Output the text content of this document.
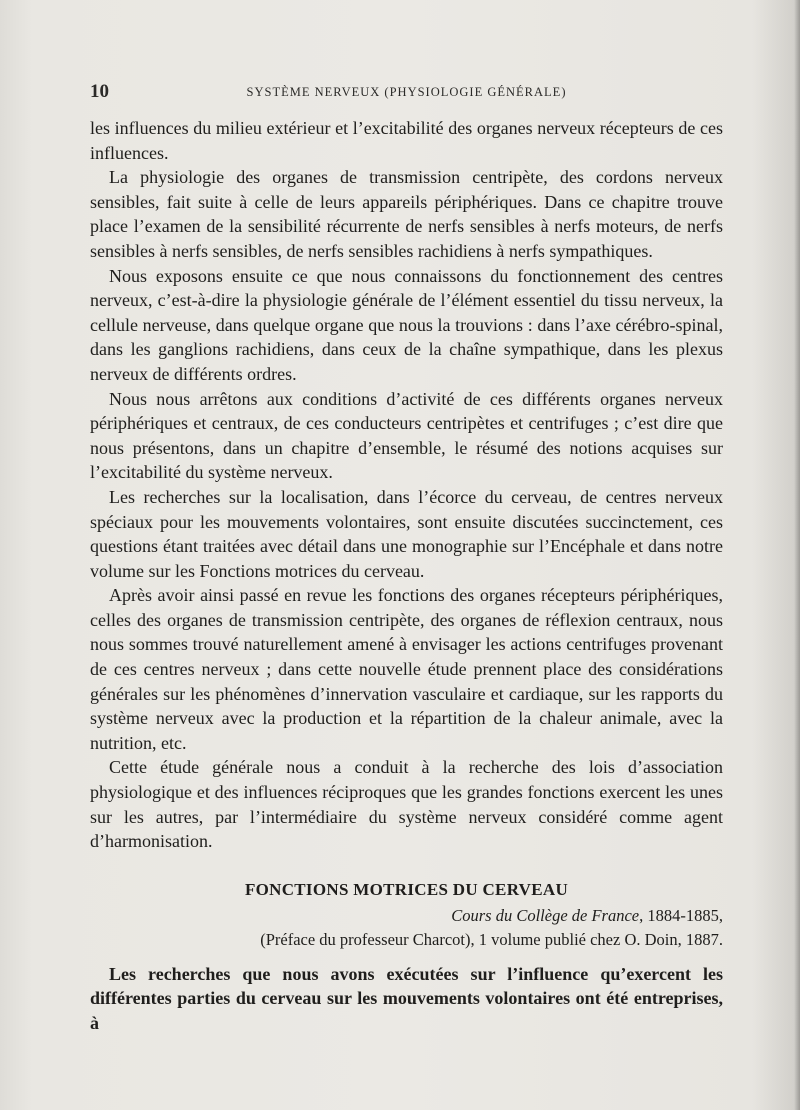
10	SYSTÈME NERVEUX (PHYSIOLOGIE GÉNÉRALE)

les influences du milieu extérieur et l’excitabilité des organes nerveux récepteurs de ces influences.

La physiologie des organes de transmission centripète, des cordons nerveux sensibles, fait suite à celle de leurs appareils périphériques. Dans ce chapitre trouve place l’examen de la sensibilité récurrente de nerfs sensibles à nerfs moteurs, de nerfs sensibles à nerfs sensibles, de nerfs sensibles rachidiens à nerfs sympathiques.

Nous exposons ensuite ce que nous connaissons du fonctionnement des centres nerveux, c’est-à-dire la physiologie générale de l’élément essentiel du tissu nerveux, la cellule nerveuse, dans quelque organe que nous la trouvions : dans l’axe cérébro-spinal, dans les ganglions rachidiens, dans ceux de la chaîne sympathique, dans les plexus nerveux de différents ordres.

Nous nous arrêtons aux conditions d’activité de ces différents organes nerveux périphériques et centraux, de ces conducteurs centripètes et centrifuges ; c’est dire que nous présentons, dans un chapitre d’ensemble, le résumé des notions acquises sur l’excitabilité du système nerveux.

Les recherches sur la localisation, dans l’écorce du cerveau, de centres nerveux spéciaux pour les mouvements volontaires, sont ensuite discutées succinctement, ces questions étant traitées avec détail dans une monographie sur l’Encéphale et dans notre volume sur les Fonctions motrices du cerveau.

Après avoir ainsi passé en revue les fonctions des organes récepteurs périphériques, celles des organes de transmission centripète, des organes de réflexion centraux, nous nous sommes trouvé naturellement amené à envisager les actions centrifuges provenant de ces centres nerveux ; dans cette nouvelle étude prennent place des considérations générales sur les phénomènes d’innervation vasculaire et cardiaque, sur les rapports du système nerveux avec la production et la répartition de la chaleur animale, avec la nutrition, etc.

Cette étude générale nous a conduit à la recherche des lois d’association physiologique et des influences réciproques que les grandes fonctions exercent les unes sur les autres, par l’intermédiaire du système nerveux considéré comme agent d’harmonisation.

FONCTIONS MOTRICES DU CERVEAU
Cours du Collège de France, 1884-1885,
(Préface du professeur Charcot), 1 volume publié chez O. Doin, 1887.

Les recherches que nous avons exécutées sur l’influence qu’exercent les différentes parties du cerveau sur les mouvements volontaires ont été entreprises, à
